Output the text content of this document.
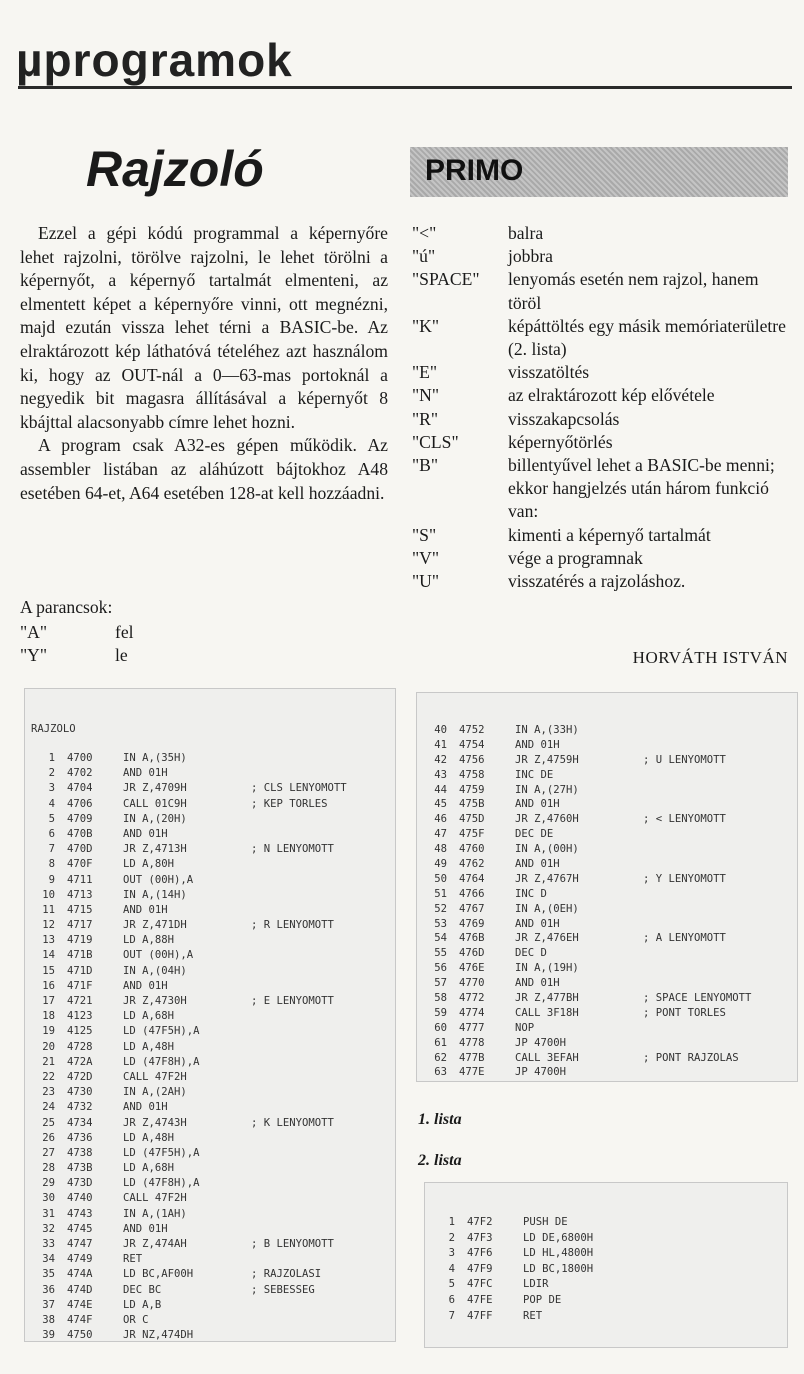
µprogramok
Rajzoló	PRIMO

Ezzel a gépi kódú programmal a képernyőre lehet rajzolni, törölve rajzolni, le lehet törölni a képernyőt, a képernyő tartalmát elmenteni, az elmentett képet a képernyőre vinni, ott megnézni, majd ezután vissza lehet térni a BASIC-be. Az elraktározott kép láthatóvá tételéhez azt használom ki, hogy az OUT-nál a 0—63-mas portoknál a negyedik bit magasra állításával a képernyőt 8 kbájttal alacsonyabb címre lehet hozni.

A program csak A32-es gépen működik. Az assembler listában az aláhúzott bájtokhoz A48 esetében 64-et, A64 esetében 128-at kell hozzáadni.

A parancsok:
"A"	fel
"Y"	le
"<"	balra
"ú"	jobbra
"SPACE"	lenyomás esetén nem rajzol, hanem töröl
"K"	képáttöltés egy másik memóriaterületre (2. lista)
"E"	visszatöltés
"N"	az elraktározott kép elővétele
"R"	visszakapcsolás
"CLS"	képernyőtörlés
"B"	billentyűvel lehet a BASIC-be menni; ekkor hangjelzés után három funkció van:
"S"	kimenti a képernyő tartalmát
"V"	vége a programnak
"U"	visszatérés a rajzoláshoz.
HORVÁTH ISTVÁN
RAJZOLO
1	4700	IN A,(35H)
2	4702	AND 01H
3	4704	JR Z,4709H	; CLS LENYOMOTT
4	4706	CALL 01C9H	; KEP TORLES
5	4709	IN A,(20H)
6	470B	AND 01H
7	470D	JR Z,4713H	; N LENYOMOTT
8	470F	LD A,80H
9	4711	OUT (00H),A
10	4713	IN A,(14H)
11	4715	AND 01H
12	4717	JR Z,471DH	; R LENYOMOTT
13	4719	LD A,88H
14	471B	OUT (00H),A
15	471D	IN A,(04H)
16	471F	AND 01H
17	4721	JR Z,4730H	; E LENYOMOTT
18	4123	LD A,68H
19	4125	LD (47F5H),A
20	4728	LD A,48H
21	472A	LD (47F8H),A
22	472D	CALL 47F2H
23	4730	IN A,(2AH)
24	4732	AND 01H
25	4734	JR Z,4743H	; K LENYOMOTT
26	4736	LD A,48H
27	4738	LD (47F5H),A
28	473B	LD A,68H
29	473D	LD (47F8H),A
30	4740	CALL 47F2H
31	4743	IN A,(1AH)
32	4745	AND 01H
33	4747	JR Z,474AH	; B LENYOMOTT
34	4749	RET
35	474A	LD BC,AF00H	; RAJZOLASI
36	474D	DEC BC	; SEBESSEG
37	474E	LD A,B
38	474F	OR C
39	4750	JR NZ,474DH
40	4752	IN A,(33H)
41	4754	AND 01H
42	4756	JR Z,4759H	; U LENYOMOTT
43	4758	INC DE
44	4759	IN A,(27H)
45	475B	AND 01H
46	475D	JR Z,4760H	; < LENYOMOTT
47	475F	DEC DE
48	4760	IN A,(00H)
49	4762	AND 01H
50	4764	JR Z,4767H	; Y LENYOMOTT
51	4766	INC D
52	4767	IN A,(0EH)
53	4769	AND 01H
54	476B	JR Z,476EH	; A LENYOMOTT
55	476D	DEC D
56	476E	IN A,(19H)
57	4770	AND 01H
58	4772	JR Z,477BH	; SPACE LENYOMOTT
59	4774	CALL 3F18H	; PONT TORLES
60	4777	NOP
61	4778	JP 4700H
62	477B	CALL 3EFAH	; PONT RAJZOLAS
63	477E	JP 4700H
1. lista
2. lista
1	47F2	PUSH DE
2	47F3	LD DE,6800H
3	47F6	LD HL,4800H
4	47F9	LD BC,1800H
5	47FC	LDIR
6	47FE	POP DE
7	47FF	RET
